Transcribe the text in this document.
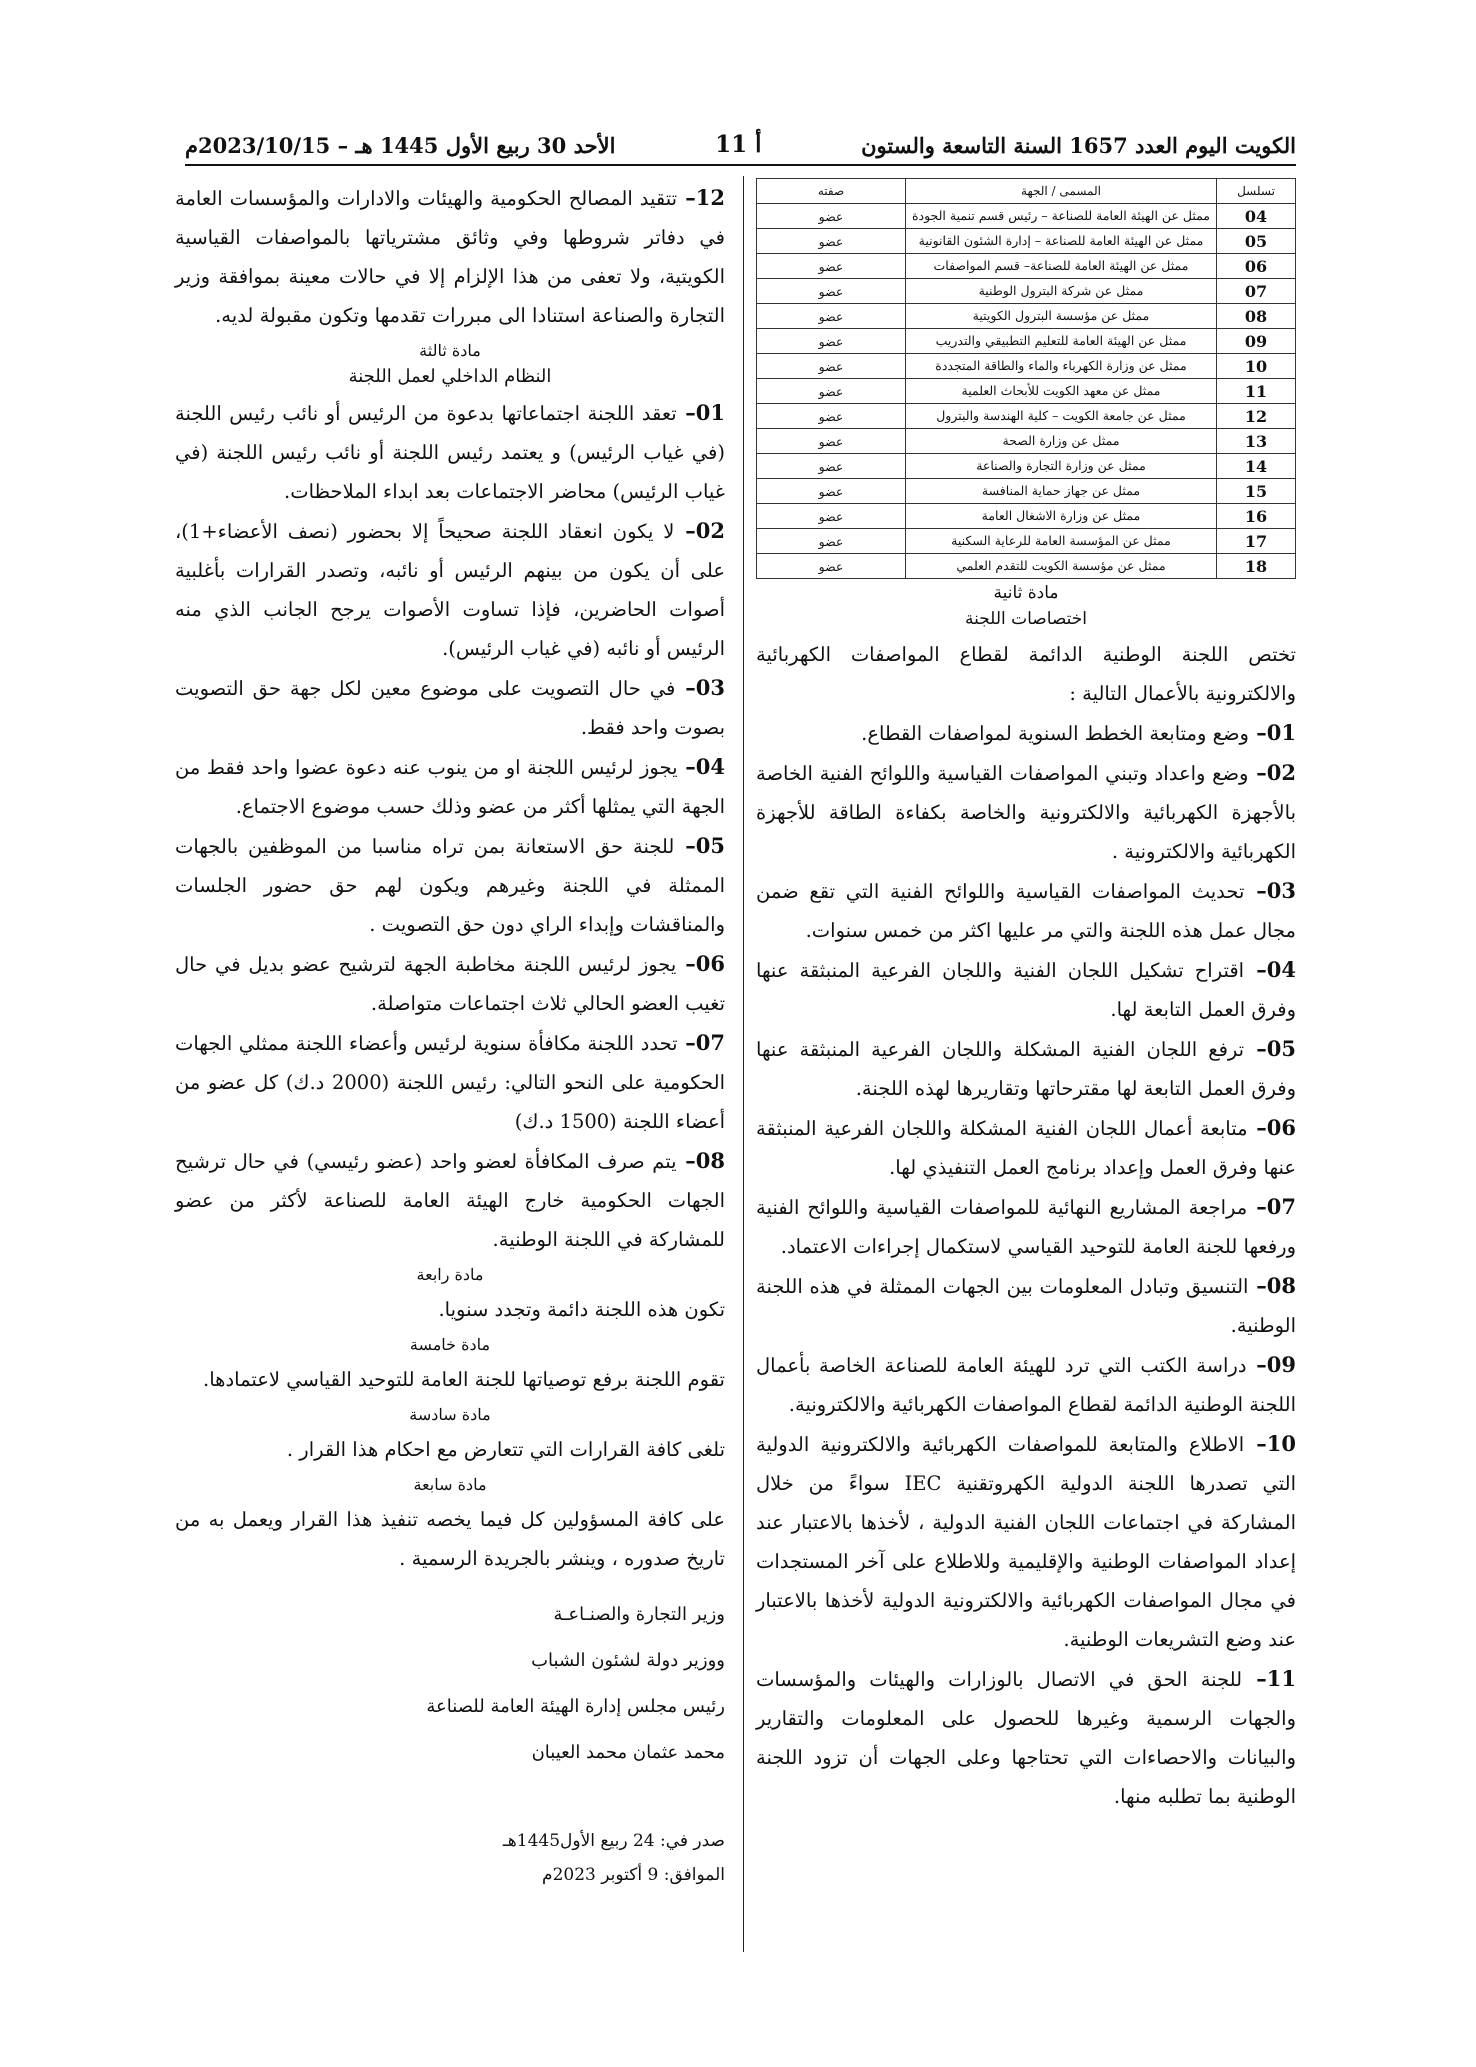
الكويت اليوم العدد 1657 السنة التاسعة والستون
أ 11
الأحد 30 ربيع الأول 1445 هـ – 2023/10/15م
تسلسل	المسمى / الجهة	صفته
04	ممثل عن الهيئة العامة للصناعة – رئيس قسم تنمية الجودة	عضو
05	ممثل عن الهيئة العامة للصناعة – إدارة الشئون القانونية	عضو
06	ممثل عن الهيئة العامة للصناعة– قسم المواصفات	عضو
07	ممثل عن شركة البترول الوطنية	عضو
08	ممثل عن مؤسسة البترول الكويتية	عضو
09	ممثل عن الهيئة العامة للتعليم التطبيقي والتدريب	عضو
10	ممثل عن وزارة الكهرباء والماء والطاقة المتجددة	عضو
11	ممثل عن معهد الكويت للأبحاث العلمية	عضو
12	ممثل عن جامعة الكويت – كلية الهندسة والبترول	عضو
13	ممثل عن وزارة الصحة	عضو
14	ممثل عن وزارة التجارة والصناعة	عضو
15	ممثل عن جهاز حماية المنافسة	عضو
16	ممثل عن وزارة الاشغال العامة	عضو
17	ممثل عن المؤسسة العامة للرعاية السكنية	عضو
18	ممثل عن مؤسسة الكويت للتقدم العلمي	عضو
مادة ثانية
اختصاصات اللجنة

تختص اللجنة الوطنية الدائمة لقطاع المواصفات الكهربائية والالكترونية بالأعمال التالية :

01– وضع ومتابعة الخطط السنوية لمواصفات القطاع.

02– وضع واعداد وتبني المواصفات القياسية واللوائح الفنية الخاصة بالأجهزة الكهربائية والالكترونية والخاصة بكفاءة الطاقة للأجهزة الكهربائية والالكترونية .

03– تحديث المواصفات القياسية واللوائح الفنية التي تقع ضمن مجال عمل هذه اللجنة والتي مر عليها اكثر من خمس سنوات.

04– اقتراح تشكيل اللجان الفنية واللجان الفرعية المنبثقة عنها وفرق العمل التابعة لها.

05– ترفع اللجان الفنية المشكلة واللجان الفرعية المنبثقة عنها وفرق العمل التابعة لها مقترحاتها وتقاريرها لهذه اللجنة.

06– متابعة أعمال اللجان الفنية المشكلة واللجان الفرعية المنبثقة عنها وفرق العمل وإعداد برنامج العمل التنفيذي لها.

07– مراجعة المشاريع النهائية للمواصفات القياسية واللوائح الفنية ورفعها للجنة العامة للتوحيد القياسي لاستكمال إجراءات الاعتماد.

08– التنسيق وتبادل المعلومات بين الجهات الممثلة في هذه اللجنة الوطنية.

09– دراسة الكتب التي ترد للهيئة العامة للصناعة الخاصة بأعمال اللجنة الوطنية الدائمة لقطاع المواصفات الكهربائية والالكترونية.

10– الاطلاع والمتابعة للمواصفات الكهربائية والالكترونية الدولية التي تصدرها اللجنة الدولية الكهروتقنية IEC سواءً من خلال المشاركة في اجتماعات اللجان الفنية الدولية ، لأخذها بالاعتبار عند إعداد المواصفات الوطنية والإقليمية وللاطلاع على آخر المستجدات في مجال المواصفات الكهربائية والالكترونية الدولية لأخذها بالاعتبار عند وضع التشريعات الوطنية.

11– للجنة الحق في الاتصال بالوزارات والهيئات والمؤسسات والجهات الرسمية وغيرها للحصول على المعلومات والتقارير والبيانات والاحصاءات التي تحتاجها وعلى الجهات أن تزود اللجنة الوطنية بما تطلبه منها.

12– تتقيد المصالح الحكومية والهيئات والادارات والمؤسسات العامة في دفاتر شروطها وفي وثائق مشترياتها بالمواصفات القياسية الكويتية، ولا تعفى من هذا الإلزام إلا في حالات معينة بموافقة وزير التجارة والصناعة استنادا الى مبررات تقدمها وتكون مقبولة لديه.

مادة ثالثة
النظام الداخلي لعمل اللجنة

01– تعقد اللجنة اجتماعاتها بدعوة من الرئيس أو نائب رئيس اللجنة (في غياب الرئيس) و يعتمد رئيس اللجنة أو نائب رئيس اللجنة (في غياب الرئيس) محاضر الاجتماعات بعد ابداء الملاحظات.

02– لا يكون انعقاد اللجنة صحيحاً إلا بحضور (نصف الأعضاء+1)، على أن يكون من بينهم الرئيس أو نائبه، وتصدر القرارات بأغلبية أصوات الحاضرين، فإذا تساوت الأصوات يرجح الجانب الذي منه الرئيس أو نائبه (في غياب الرئيس).

03– في حال التصويت على موضوع معين لكل جهة حق التصويت بصوت واحد فقط.

04– يجوز لرئيس اللجنة او من ينوب عنه دعوة عضوا واحد فقط من الجهة التي يمثلها أكثر من عضو وذلك حسب موضوع الاجتماع.

05– للجنة حق الاستعانة بمن تراه مناسبا من الموظفين بالجهات الممثلة في اللجنة وغيرهم ويكون لهم حق حضور الجلسات والمناقشات وإبداء الراي دون حق التصويت .

06– يجوز لرئيس اللجنة مخاطبة الجهة لترشيح عضو بديل في حال تغيب العضو الحالي ثلاث اجتماعات متواصلة.

07– تحدد اللجنة مكافأة سنوية لرئيس وأعضاء اللجنة ممثلي الجهات الحكومية على النحو التالي: رئيس اللجنة (2000 د.ك) كل عضو من أعضاء اللجنة (1500 د.ك)

08– يتم صرف المكافأة لعضو واحد (عضو رئيسي) في حال ترشيح الجهات الحكومية خارج الهيئة العامة للصناعة لأكثر من عضو للمشاركة في اللجنة الوطنية.

مادة رابعة

تكون هذه اللجنة دائمة وتجدد سنويا.

مادة خامسة

تقوم اللجنة برفع توصياتها للجنة العامة للتوحيد القياسي لاعتمادها.

مادة سادسة

تلغى كافة القرارات التي تتعارض مع احكام هذا القرار .

مادة سابعة

على كافة المسؤولين كل فيما يخصه تنفيذ هذا القرار ويعمل به من تاريخ صدوره ، وينشر بالجريدة الرسمية .

وزير التجارة والصنـاعـة

ووزير دولة لشئون الشباب

رئيس مجلس إدارة الهيئة العامة للصناعة

محمد عثمان محمد العيبان

صدر في: 24 ربيع الأول1445هـ
الموافق: 9 أكتوبر 2023م
